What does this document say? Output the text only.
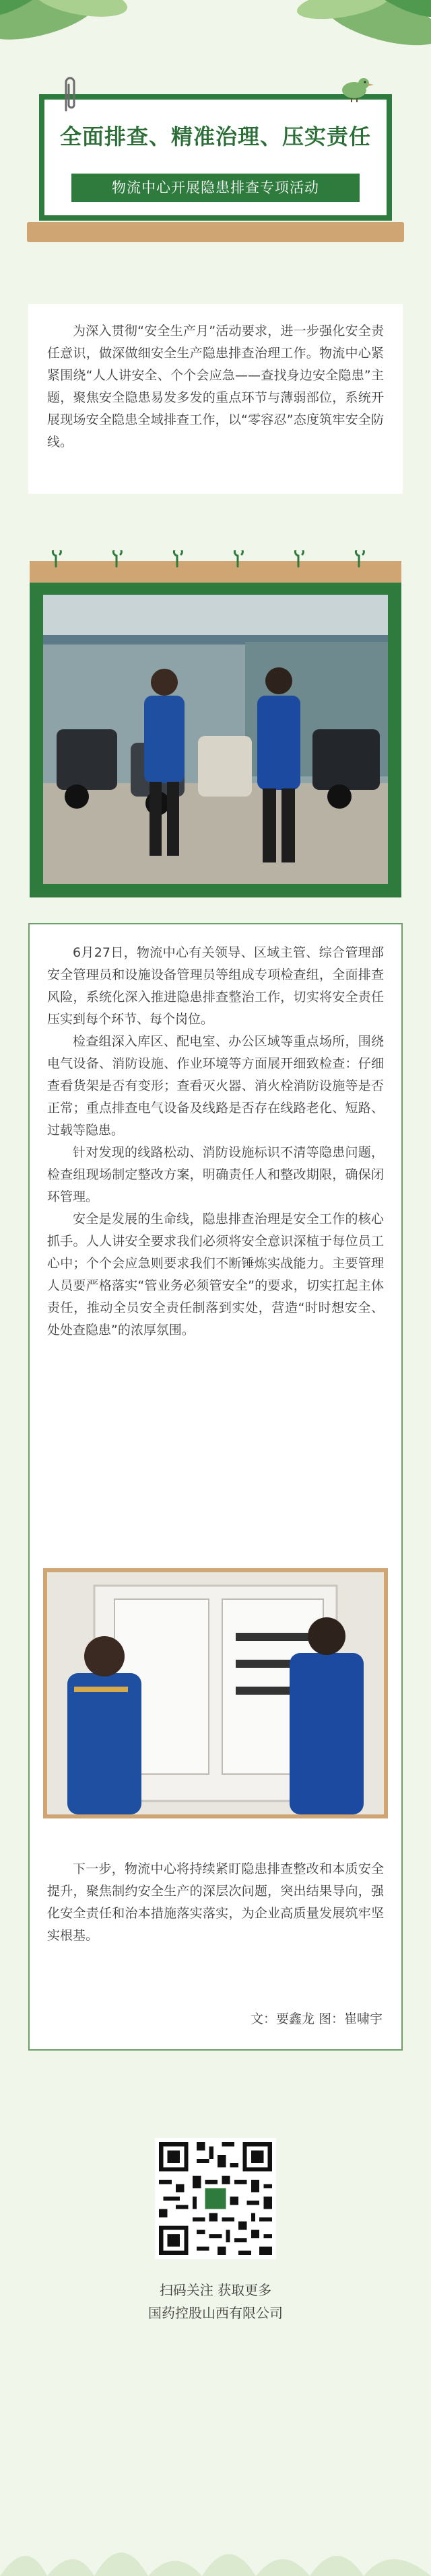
全面排查、精准治理、压实责任
物流中心开展隐患排查专项活动

为深入贯彻“安全生产月”活动要求，进一步强化安全责任意识，做深做细安全生产隐患排查治理工作。物流中心紧紧围绕“人人讲安全、个个会应急——查找身边安全隐患”主题，聚焦安全隐患易发多发的重点环节与薄弱部位，系统开展现场安全隐患全域排查工作，以“零容忍”态度筑牢安全防线。

6月27日，物流中心有关领导、区域主管、综合管理部安全管理员和设施设备管理员等组成专项检查组，全面排查风险，系统化深入推进隐患排查整治工作，切实将安全责任压实到每个环节、每个岗位。

检查组深入库区、配电室、办公区域等重点场所，围绕电气设备、消防设施、作业环境等方面展开细致检查：仔细查看货架是否有变形；查看灭火器、消火栓消防设施等是否正常；重点排查电气设备及线路是否存在线路老化、短路、过载等隐患。

针对发现的线路松动、消防设施标识不清等隐患问题，检查组现场制定整改方案，明确责任人和整改期限，确保闭环管理。

安全是发展的生命线，隐患排查治理是安全工作的核心抓手。人人讲安全要求我们必须将安全意识深植于每位员工心中；个个会应急则要求我们不断锤炼实战能力。主要管理人员要严格落实“管业务必须管安全”的要求，切实扛起主体责任，推动全员安全责任制落到实处，营造“时时想安全、处处查隐患”的浓厚氛围。

下一步，物流中心将持续紧盯隐患排查整改和本质安全提升，聚焦制约安全生产的深层次问题，突出结果导向，强化安全责任和治本措施落实落实，为企业高质量发展筑牢坚实根基。

文：要鑫龙 图：崔啸宇
扫码关注 获取更多
国药控股山西有限公司
